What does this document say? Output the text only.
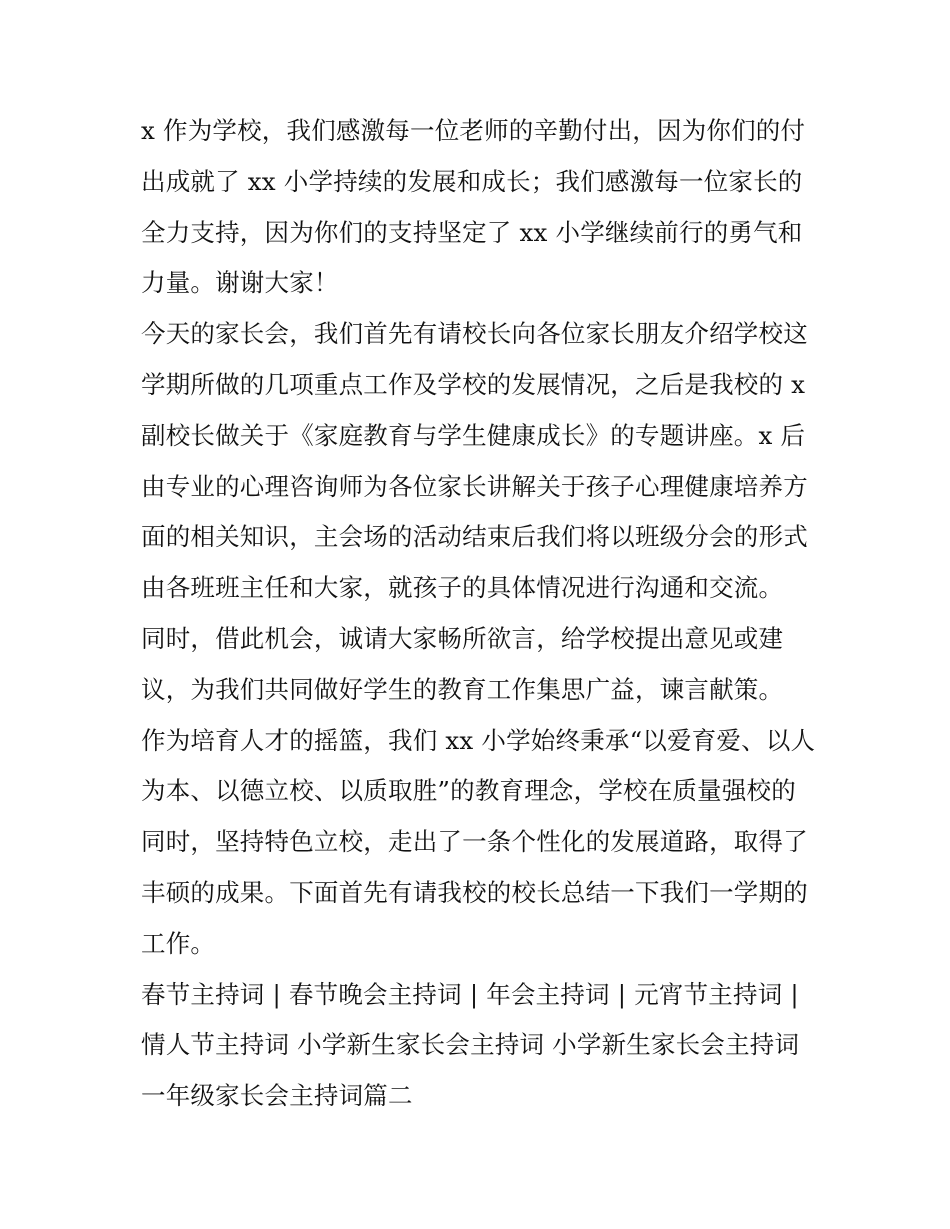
x 作为学校，我们感激每一位老师的辛勤付出，因为你们的付
出成就了 xx 小学持续的发展和成长；我们感激每一位家长的
全力支持，因为你们的支持坚定了 xx 小学继续前行的勇气和
力量。谢谢大家！
今天的家长会，我们首先有请校长向各位家长朋友介绍学校这
学期所做的几项重点工作及学校的发展情况，之后是我校的 x
副校长做关于《家庭教育与学生健康成长》的专题讲座。x 后
由专业的心理咨询师为各位家长讲解关于孩子心理健康培养方
面的相关知识，主会场的活动结束后我们将以班级分会的形式
由各班班主任和大家，就孩子的具体情况进行沟通和交流。
同时，借此机会，诚请大家畅所欲言，给学校提出意见或建
议，为我们共同做好学生的教育工作集思广益，谏言献策。
作为培育人才的摇篮，我们 xx 小学始终秉承“以爱育爱、以人
为本、以德立校、以质取胜”的教育理念，学校在质量强校的
同时，坚持特色立校，走出了一条个性化的发展道路，取得了
丰硕的成果。下面首先有请我校的校长总结一下我们一学期的
工作。
春节主持词 | 春节晚会主持词 | 年会主持词 | 元宵节主持词 |
情人节主持词 小学新生家长会主持词 小学新生家长会主持词
一年级家长会主持词篇二
